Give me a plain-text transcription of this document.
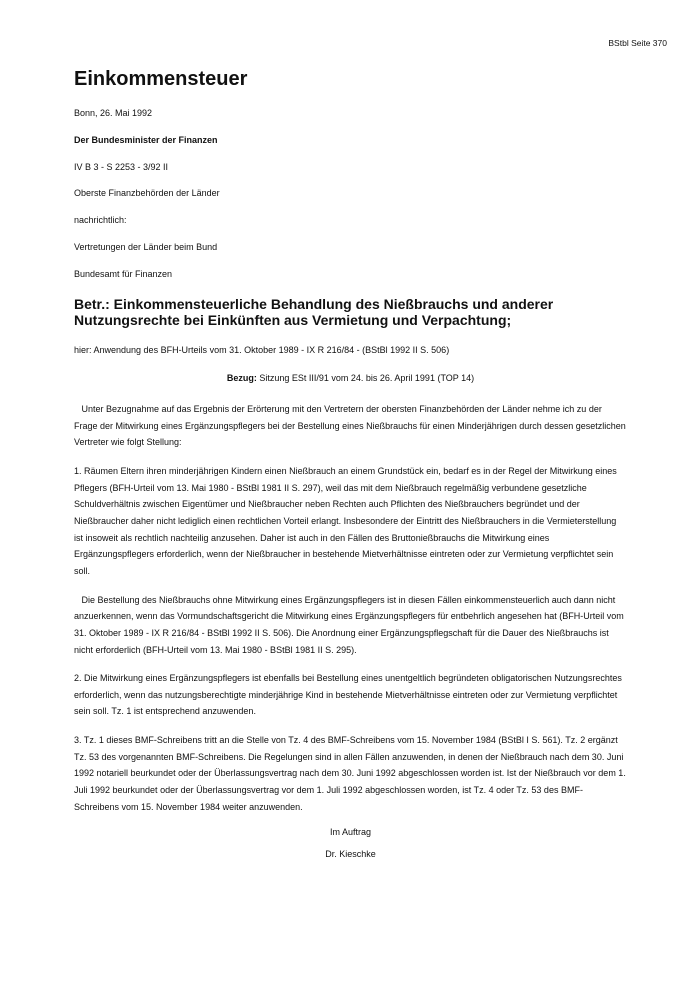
BStbl Seite 370
Einkommensteuer
Bonn, 26. Mai 1992
Der Bundesminister der Finanzen
IV B 3 - S 2253 - 3/92 II
Oberste Finanzbehörden der Länder
nachrichtlich:
Vertretungen der Länder beim Bund
Bundesamt für Finanzen
Betr.: Einkommensteuerliche Behandlung des Nießbrauchs und anderer Nutzungsrechte bei Einkünften aus Vermietung und Verpachtung;
hier: Anwendung des BFH-Urteils vom 31. Oktober 1989 - IX R 216/84 - (BStBl 1992 II S. 506)
Bezug: Sitzung ESt III/91 vom 24. bis 26. April 1991 (TOP 14)

Unter Bezugnahme auf das Ergebnis der Erörterung mit den Vertretern der obersten Finanzbehörden der Länder nehme ich zu der Frage der Mitwirkung eines Ergänzungspflegers bei der Bestellung eines Nießbrauchs für einen Minderjährigen durch dessen gesetzlichen Vertreter wie folgt Stellung:

1. Räumen Eltern ihren minderjährigen Kindern einen Nießbrauch an einem Grundstück ein, bedarf es in der Regel der Mitwirkung eines Pflegers (BFH-Urteil vom 13. Mai 1980 - BStBl 1981 II S. 297), weil das mit dem Nießbrauch regelmäßig verbundene gesetzliche Schuldverhältnis zwischen Eigentümer und Nießbraucher neben Rechten auch Pflichten des Nießbrauchers begründet und der Nießbraucher daher nicht lediglich einen rechtlichen Vorteil erlangt. Insbesondere der Eintritt des Nießbrauchers in die Vermieterstellung ist insoweit als rechtlich nachteilig anzusehen. Daher ist auch in den Fällen des Bruttonießbrauchs die Mitwirkung eines Ergänzungspflegers erforderlich, wenn der Nießbraucher in bestehende Mietverhältnisse eintreten oder zur Vermietung verpflichtet sein soll.

Die Bestellung des Nießbrauchs ohne Mitwirkung eines Ergänzungspflegers ist in diesen Fällen einkommensteuerlich auch dann nicht anzuerkennen, wenn das Vormundschaftsgericht die Mitwirkung eines Ergänzungspflegers für entbehrlich angesehen hat (BFH-Urteil vom 31. Oktober 1989 - IX R 216/84 - BStBl 1992 II S. 506). Die Anordnung einer Ergänzungspflegschaft für die Dauer des Nießbrauchs ist nicht erforderlich (BFH-Urteil vom 13. Mai 1980 - BStBl 1981 II S. 295).

2. Die Mitwirkung eines Ergänzungspflegers ist ebenfalls bei Bestellung eines unentgeltlich begründeten obligatorischen Nutzungsrechtes erforderlich, wenn das nutzungsberechtigte minderjährige Kind in bestehende Mietverhältnisse eintreten oder zur Vermietung verpflichtet sein soll. Tz. 1 ist entsprechend anzuwenden.

3. Tz. 1 dieses BMF-Schreibens tritt an die Stelle von Tz. 4 des BMF-Schreibens vom 15. November 1984 (BStBl I S. 561). Tz. 2 ergänzt Tz. 53 des vorgenannten BMF-Schreibens. Die Regelungen sind in allen Fällen anzuwenden, in denen der Nießbrauch nach dem 30. Juni 1992 notariell beurkundet oder der Überlassungsvertrag nach dem 30. Juni 1992 abgeschlossen worden ist. Ist der Nießbrauch vor dem 1. Juli 1992 beurkundet oder der Überlassungsvertrag vor dem 1. Juli 1992 abgeschlossen worden, ist Tz. 4 oder Tz. 53 des BMF-Schreibens vom 15. November 1984 weiter anzuwenden.

Im Auftrag
Dr. Kieschke
